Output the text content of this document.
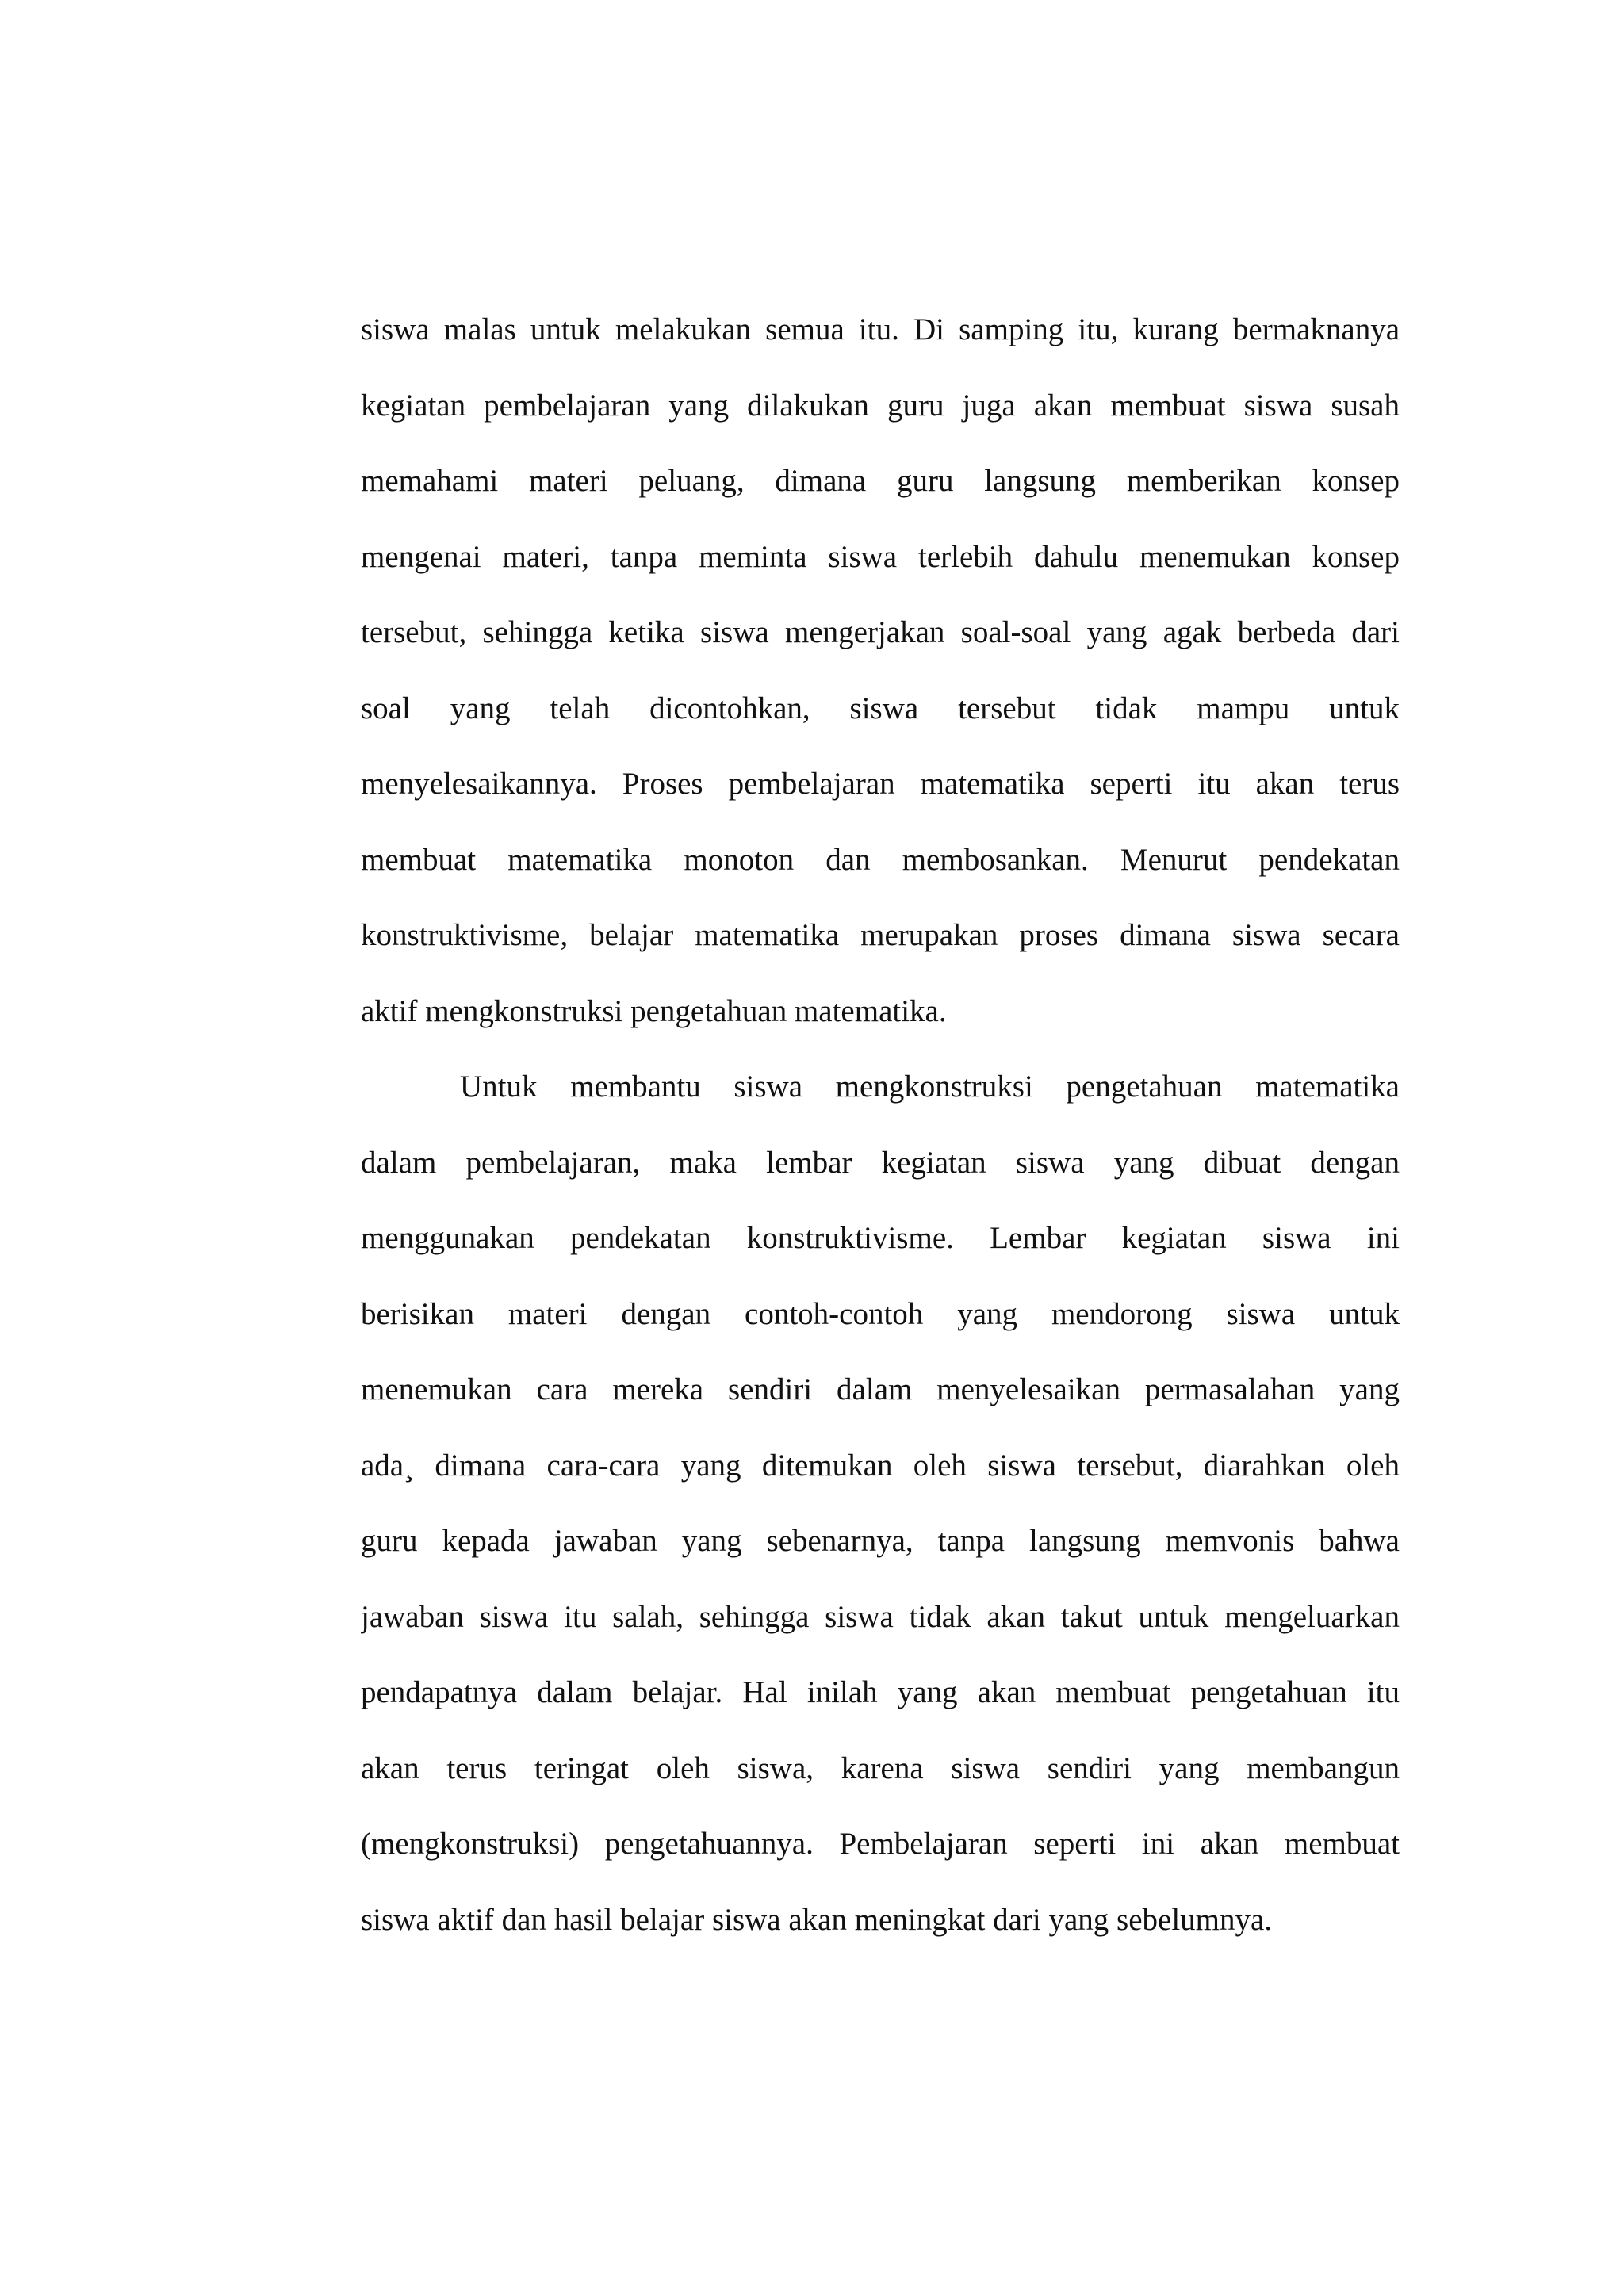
siswa malas untuk melakukan semua itu. Di samping itu, kurang bermaknanya
kegiatan pembelajaran yang dilakukan guru juga akan membuat siswa susah
memahami materi peluang, dimana guru langsung memberikan konsep
mengenai materi, tanpa meminta siswa terlebih dahulu menemukan konsep
tersebut, sehingga ketika siswa mengerjakan soal-soal yang agak berbeda dari
soal yang telah dicontohkan, siswa tersebut tidak mampu untuk
menyelesaikannya. Proses pembelajaran matematika seperti itu akan terus
membuat matematika monoton dan membosankan. Menurut pendekatan
konstruktivisme, belajar matematika merupakan proses dimana siswa secara
aktif mengkonstruksi pengetahuan matematika.
Untuk membantu siswa mengkonstruksi pengetahuan matematika
dalam pembelajaran, maka lembar kegiatan siswa yang dibuat dengan
menggunakan pendekatan konstruktivisme. Lembar kegiatan siswa ini
berisikan materi dengan contoh-contoh yang mendorong siswa untuk
menemukan cara mereka sendiri dalam menyelesaikan permasalahan yang
ada¸ dimana cara-cara yang ditemukan oleh siswa tersebut, diarahkan oleh
guru kepada jawaban yang sebenarnya, tanpa langsung memvonis bahwa
jawaban siswa itu salah, sehingga siswa tidak akan takut untuk mengeluarkan
pendapatnya dalam belajar. Hal inilah yang akan membuat pengetahuan itu
akan terus teringat oleh siswa, karena siswa sendiri yang membangun
(mengkonstruksi) pengetahuannya. Pembelajaran seperti ini akan membuat
siswa aktif dan hasil belajar siswa akan meningkat dari yang sebelumnya.
